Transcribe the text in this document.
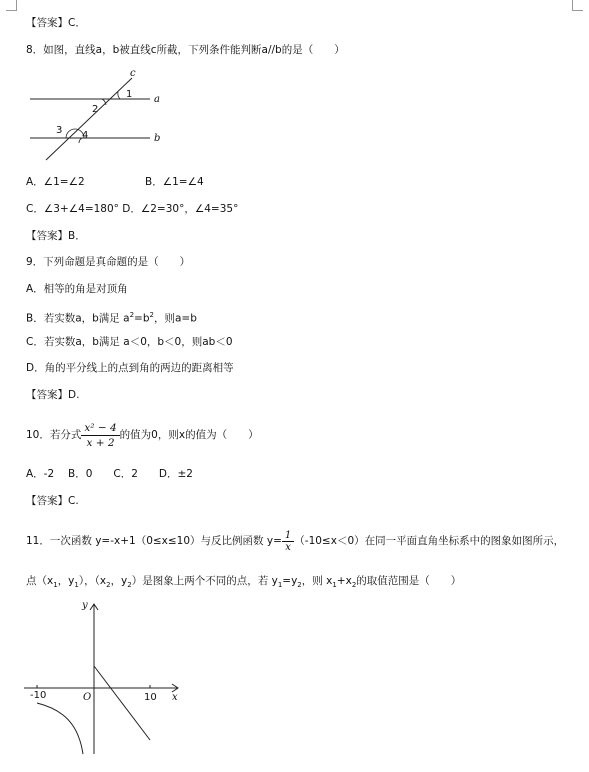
【答案】C．
8．如图，直线a，b被直线c所截，下列条件能判断a//b的是（　　）
c
a
b
1
2
3 4
A．∠1=∠2	B．∠1=∠4
C．∠3+∠4=180° D．∠2=30°，∠4=35°
【答案】B．
9．下列命题是真命题的是（　　）
A．相等的角是对顶角
B．若实数a，b满足 $a^2=b^2$，则a=b
C．若实数a，b满足 a＜0，b＜0，则ab＜0
D．角的平分线上的点到角的两边的距离相等
【答案】D.
10．若分式 $\frac{\text{x² − 4}}{x + 2}$ 的值为0，则x的值为（　　）
A．-2　 B．0　　C．2　　D．±2
【答案】C.
11．一次函数 y=-x+1（0≤x≤10）与反比例函数 $y= \frac{1}{x} (-10\le x<0)$在同一平面直角坐标系中的图象如图所示，
点（$x_1$，$y_1$），（$x_2$，$y_2$）是图象上两个不同的点，若 $y_1=y_2$，则 $x_1+x_2$的取值范围是（　　）
y
x
O
-10	10
